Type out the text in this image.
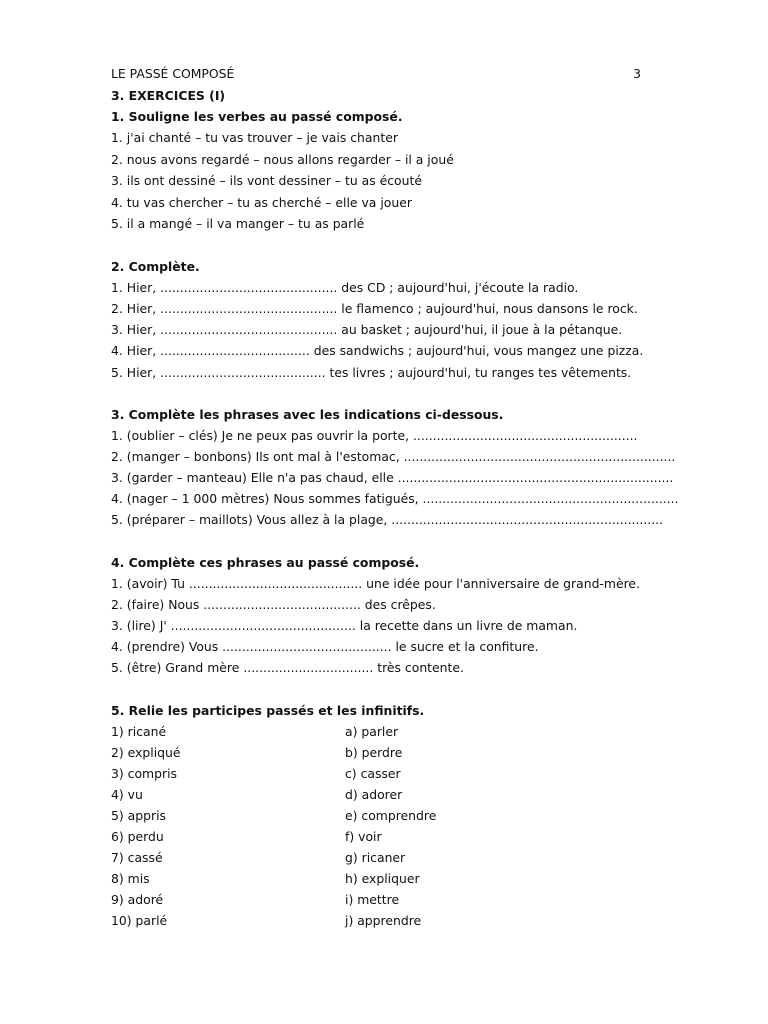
LE PASSÉ COMPOSÉ	3
3. EXERCICES (I)
1. Souligne les verbes au passé composé.
1. j'ai chanté – tu vas trouver – je vais chanter
2. nous avons regardé – nous allons regarder – il a joué
3. ils ont dessiné – ils vont dessiner – tu as écouté
4. tu vas chercher – tu as cherché – elle va jouer
5. il a mangé – il va manger – tu as parlé
2. Complète.
1. Hier, ............................................. des CD ; aujourd'hui, j'écoute la radio.
2. Hier, ............................................. le flamenco ; aujourd'hui, nous dansons le rock.
3. Hier, ............................................. au basket ; aujourd'hui, il joue à la pétanque.
4. Hier, ...................................... des sandwichs ; aujourd'hui, vous mangez une pizza.
5. Hier, .......................................... tes livres ; aujourd'hui, tu ranges tes vêtements.
3. Complète les phrases avec les indications ci-dessous.
1. (oublier – clés) Je ne peux pas ouvrir la porte, .........................................................
2. (manger – bonbons) Ils ont mal à l'estomac, .....................................................................
3. (garder – manteau) Elle n'a pas chaud, elle ......................................................................
4. (nager – 1 000 mètres) Nous sommes fatigués, .................................................................
5. (préparer – maillots) Vous allez à la plage, .....................................................................
4. Complète ces phrases au passé composé.
1. (avoir) Tu ............................................ une idée pour l'anniversaire de grand-mère.
2. (faire) Nous ........................................ des crêpes.
3. (lire) J' ............................................... la recette dans un livre de maman.
4. (prendre) Vous ........................................... le sucre et la confiture.
5. (être) Grand mère ................................. très contente.
5. Relie les participes passés et les infinitifs.
1) ricané	a) parler
2) expliqué	b) perdre
3) compris	c) casser
4) vu	d) adorer
5) appris	e) comprendre
6) perdu	f) voir
7) cassé	g) ricaner
8) mis	h) expliquer
9) adoré	i) mettre
10) parlé	j) apprendre
